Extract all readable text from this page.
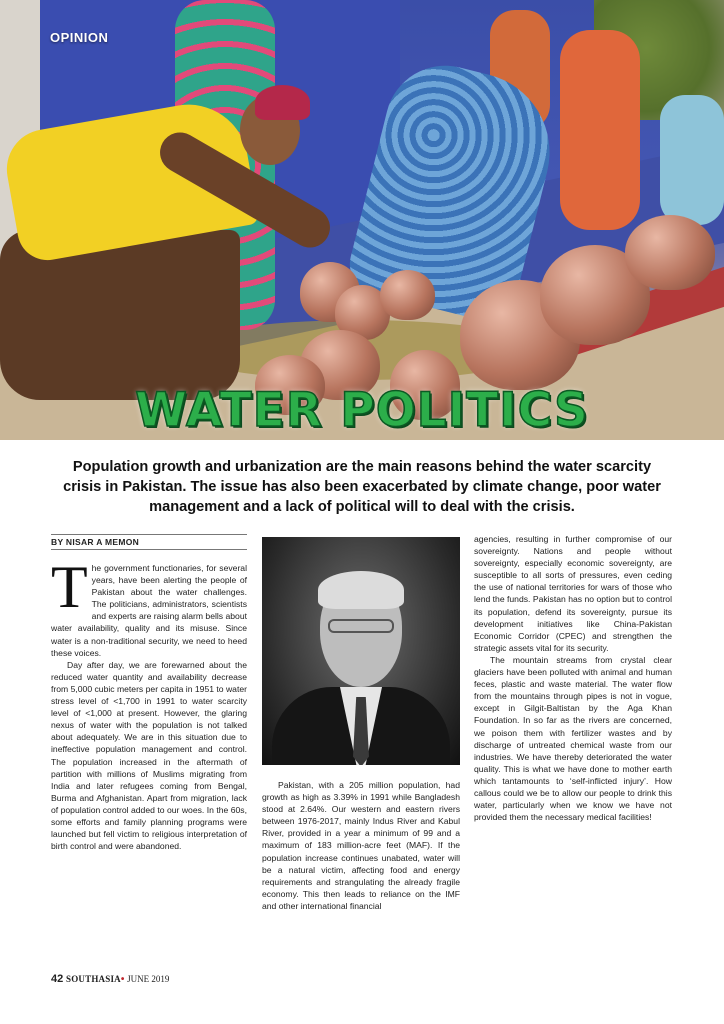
OPINION
WATER POLITICS

Population growth and urbanization are the main reasons behind the water scarcity crisis in Pakistan. The issue has also been exacerbated by climate change, poor water management and a lack of political will to deal with the crisis.

BY NISAR A MEMON

The government functionaries, for several years, have been alerting the people of Pakistan about the water challenges. The politicians, administrators, scientists and experts are raising alarm bells about water availability, quality and its misuse. Since water is a non-traditional security, we need to heed these voices.

Day after day, we are forewarned about the reduced water quantity and availability decrease from 5,000 cubic meters per capita in 1951 to water stress level of <1,700 in 1991 to water scarcity level of <1,000 at present. However, the glaring nexus of water with the population is not talked about adequately. We are in this situation due to ineffective population management and control. The population increased in the aftermath of partition with millions of Muslims migrating from India and later refugees coming from Bengal, Burma and Afghanistan. Apart from migration, lack of population control added to our woes. In the 60s, some efforts and family planning programs were launched but fell victim to religious interpretation of birth control and were abandoned.

Pakistan, with a 205 million population, had growth as high as 3.39% in 1991 while Bangladesh stood at 2.64%. Our western and eastern rivers between 1976-2017, mainly Indus River and Kabul River, provided in a year a minimum of 99 and a maximum of 183 million-acre feet (MAF). If the population increase continues unabated, water will be a natural victim, affecting food and energy requirements and strangulating the already fragile economy. This then leads to reliance on the IMF and other international financial

agencies, resulting in further compromise of our sovereignty. Nations and people without sovereignty, especially economic sovereignty, are susceptible to all sorts of pressures, even ceding the use of national territories for wars of those who lend the funds. Pakistan has no option but to control its population, defend its sovereignty, pursue its development initiatives like China-Pakistan Economic Corridor (CPEC) and strengthen the strategic assets vital for its security.

The mountain streams from crystal clear glaciers have been polluted with animal and human feces, plastic and waste material. The water flow from the mountains through pipes is not in vogue, except in Gilgit-Baltistan by the Aga Khan Foundation. In so far as the rivers are concerned, we poison them with fertilizer wastes and by discharge of untreated chemical waste from our industries. We have thereby deteriorated the water quality. This is what we have done to mother earth which tantamounts to ‘self-inflicted injury’. How callous could we be to allow our people to drink this water, particularly when we know we have not provided them the necessary medical facilities!

42 SOUTHASIA• JUNE 2019
